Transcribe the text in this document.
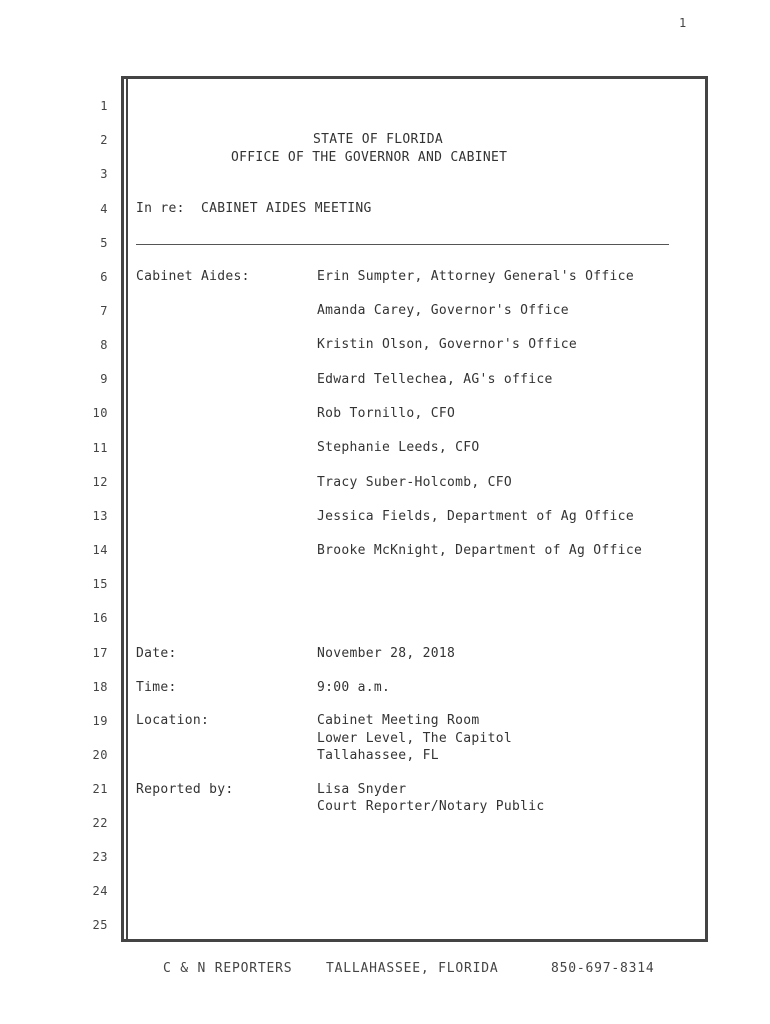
1
1
2
3
4
5
6
7
8
9
10
11
12
13
14
15
16
17
18
19
20
21
22
23
24
25
STATE OF FLORIDA
OFFICE OF THE GOVERNOR AND CABINET
In re:  CABINET AIDES MEETING
Cabinet Aides:	Erin Sumpter, Attorney General's Office
Amanda Carey, Governor's Office
Kristin Olson, Governor's Office
Edward Tellechea, AG's office
Rob Tornillo, CFO
Stephanie Leeds, CFO
Tracy Suber-Holcomb, CFO
Jessica Fields, Department of Ag Office
Brooke McKnight, Department of Ag Office
Date:	November 28, 2018
Time:	9:00 a.m.
Location:	Cabinet Meeting Room
Lower Level, The Capitol
Tallahassee, FL
Reported by:	Lisa Snyder
Court Reporter/Notary Public
C & N REPORTERS	TALLAHASSEE, FLORIDA	850-697-8314
